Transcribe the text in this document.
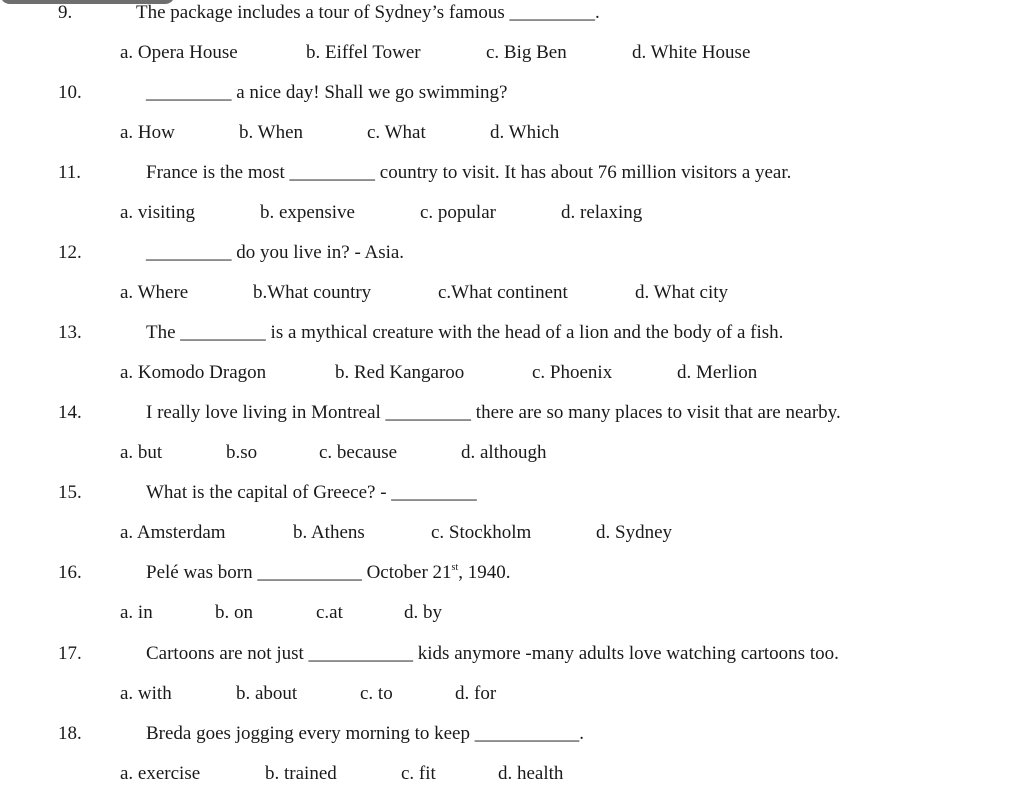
9.	The package includes a tour of Sydney’s famous _________.
a. Opera House	b. Eiffel Tower	c. Big Ben	d. White House
10.	_________ a nice day! Shall we go swimming?
a. How	b. When	c. What	d. Which
11.	France is the most _________ country to visit. It has about 76 million visitors a year.
a. visiting	b. expensive	c. popular	d. relaxing
12.	_________ do you live in? - Asia.
a. Where	b.What country	c.What continent	d. What city
13.	The _________ is a mythical creature with the head of a lion and the body of a fish.
a. Komodo Dragon	b. Red Kangaroo	c. Phoenix	d. Merlion
14.	I really love living in Montreal _________ there are so many places to visit that are nearby.
a. but	b.so	c. because	d. although
15.	What is the capital of Greece? - _________
a. Amsterdam	b. Athens	c. Stockholm	d. Sydney
16.	Pelé was born ___________ October 21st, 1940.
a. in	b. on	c.at	d. by
17.	Cartoons are not just ___________ kids anymore -many adults love watching cartoons too.
a. with	b. about	c. to	d. for
18.	Breda goes jogging every morning to keep ___________.
a. exercise	b. trained	c. fit	d. health
